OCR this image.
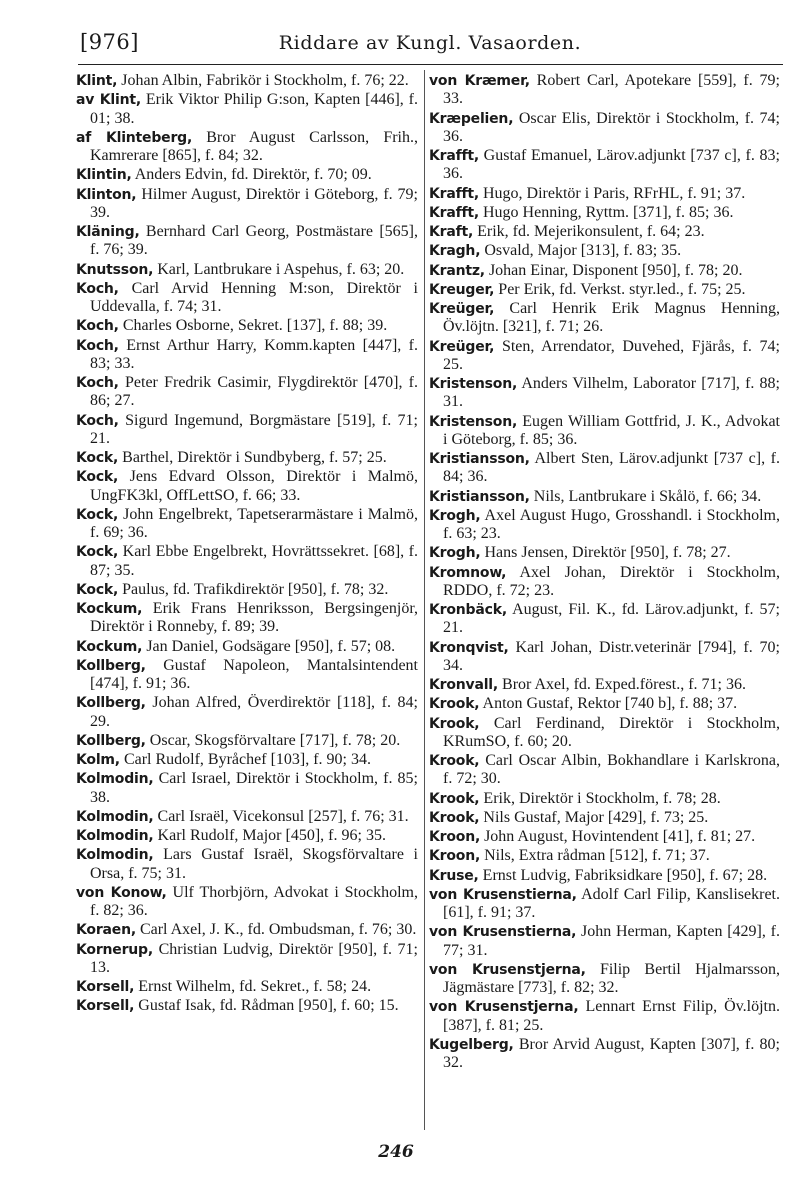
[976]	Riddare av Kungl. Vasaorden.
Klint, Johan Albin, Fabrikör i Stockholm, f. 76; 22.
av Klint, Erik Viktor Philip G:son, Kapten [446], f. 01; 38.
af Klinteberg, Bror August Carlsson, Frih., Kamrerare [865], f. 84; 32.
Klintin, Anders Edvin, fd. Direktör, f. 70; 09.
Klinton, Hilmer August, Direktör i Göteborg, f. 79; 39.
Kläning, Bernhard Carl Georg, Postmästare [565], f. 76; 39.
Knutsson, Karl, Lantbrukare i Aspehus, f. 63; 20.
Koch, Carl Arvid Henning M:son, Direktör i Uddevalla, f. 74; 31.
Koch, Charles Osborne, Sekret. [137], f. 88; 39.
Koch, Ernst Arthur Harry, Komm.kapten [447], f. 83; 33.
Koch, Peter Fredrik Casimir, Flygdirektör [470], f. 86; 27.
Koch, Sigurd Ingemund, Borgmästare [519], f. 71; 21.
Kock, Barthel, Direktör i Sundbyberg, f. 57; 25.
Kock, Jens Edvard Olsson, Direktör i Malmö, UngFK3kl, OffLettSO, f. 66; 33.
Kock, John Engelbrekt, Tapetserarmästare i Malmö, f. 69; 36.
Kock, Karl Ebbe Engelbrekt, Hovrättssekret. [68], f. 87; 35.
Kock, Paulus, fd. Trafikdirektör [950], f. 78; 32.
Kockum, Erik Frans Henriksson, Bergsingenjör, Direktör i Ronneby, f. 89; 39.
Kockum, Jan Daniel, Godsägare [950], f. 57; 08.
Kollberg, Gustaf Napoleon, Mantalsintendent [474], f. 91; 36.
Kollberg, Johan Alfred, Överdirektör [118], f. 84; 29.
Kollberg, Oscar, Skogsförvaltare [717], f. 78; 20.
Kolm, Carl Rudolf, Byråchef [103], f. 90; 34.
Kolmodin, Carl Israel, Direktör i Stockholm, f. 85; 38.
Kolmodin, Carl Israël, Vicekonsul [257], f. 76; 31.
Kolmodin, Karl Rudolf, Major [450], f. 96; 35.
Kolmodin, Lars Gustaf Israël, Skogsförvaltare i Orsa, f. 75; 31.
von Konow, Ulf Thorbjörn, Advokat i Stockholm, f. 82; 36.
Koraen, Carl Axel, J. K., fd. Ombudsman, f. 76; 30.
Kornerup, Christian Ludvig, Direktör [950], f. 71; 13.
Korsell, Ernst Wilhelm, fd. Sekret., f. 58; 24.
Korsell, Gustaf Isak, fd. Rådman [950], f. 60; 15.
von Kræmer, Robert Carl, Apotekare [559], f. 79; 33.
Kræpelien, Oscar Elis, Direktör i Stockholm, f. 74; 36.
Krafft, Gustaf Emanuel, Lärov.adjunkt [737 c], f. 83; 36.
Krafft, Hugo, Direktör i Paris, RFrHL, f. 91; 37.
Krafft, Hugo Henning, Ryttm. [371], f. 85; 36.
Kraft, Erik, fd. Mejerikonsulent, f. 64; 23.
Kragh, Osvald, Major [313], f. 83; 35.
Krantz, Johan Einar, Disponent [950], f. 78; 20.
Kreuger, Per Erik, fd. Verkst. styr.led., f. 75; 25.
Kreüger, Carl Henrik Erik Magnus Henning, Öv.löjtn. [321], f. 71; 26.
Kreüger, Sten, Arrendator, Duvehed, Fjärås, f. 74; 25.
Kristenson, Anders Vilhelm, Laborator [717], f. 88; 31.
Kristenson, Eugen William Gottfrid, J. K., Advokat i Göteborg, f. 85; 36.
Kristiansson, Albert Sten, Lärov.adjunkt [737 c], f. 84; 36.
Kristiansson, Nils, Lantbrukare i Skålö, f. 66; 34.
Krogh, Axel August Hugo, Grosshandl. i Stockholm, f. 63; 23.
Krogh, Hans Jensen, Direktör [950], f. 78; 27.
Kromnow, Axel Johan, Direktör i Stockholm, RDDO, f. 72; 23.
Kronbäck, August, Fil. K., fd. Lärov.adjunkt, f. 57; 21.
Kronqvist, Karl Johan, Distr.veterinär [794], f. 70; 34.
Kronvall, Bror Axel, fd. Exped.förest., f. 71; 36.
Krook, Anton Gustaf, Rektor [740 b], f. 88; 37.
Krook, Carl Ferdinand, Direktör i Stockholm, KRumSO, f. 60; 20.
Krook, Carl Oscar Albin, Bokhandlare i Karlskrona, f. 72; 30.
Krook, Erik, Direktör i Stockholm, f. 78; 28.
Krook, Nils Gustaf, Major [429], f. 73; 25.
Kroon, John August, Hovintendent [41], f. 81; 27.
Kroon, Nils, Extra rådman [512], f. 71; 37.
Kruse, Ernst Ludvig, Fabriksidkare [950], f. 67; 28.
von Krusenstierna, Adolf Carl Filip, Kanslisekret. [61], f. 91; 37.
von Krusenstierna, John Herman, Kapten [429], f. 77; 31.
von Krusenstjerna, Filip Bertil Hjalmarsson, Jägmästare [773], f. 82; 32.
von Krusenstjerna, Lennart Ernst Filip, Öv.löjtn. [387], f. 81; 25.
Kugelberg, Bror Arvid August, Kapten [307], f. 80; 32.
246
